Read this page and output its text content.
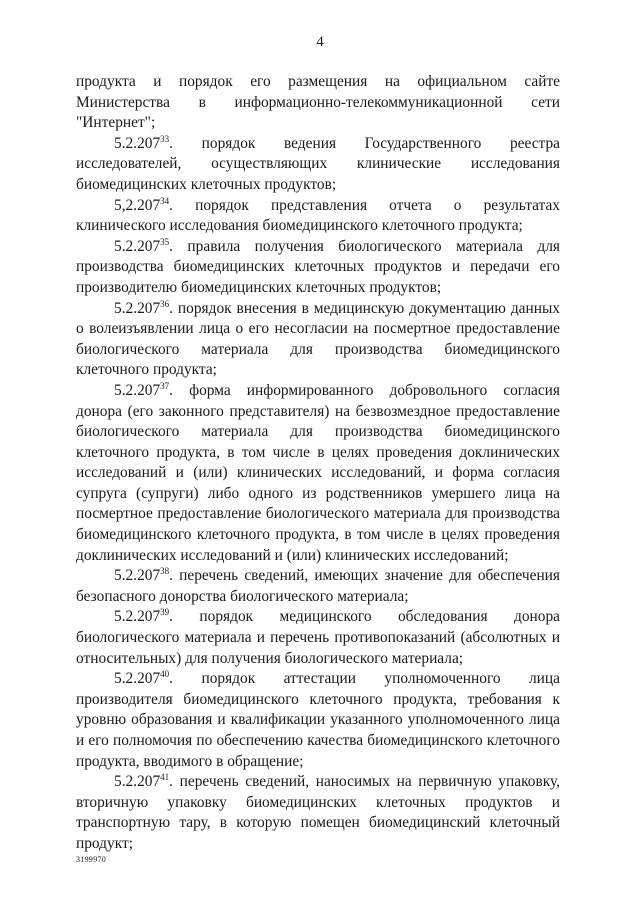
4

продукта и порядок его размещения на официальном сайте Министерства в информационно-телекоммуникационной сети "Интернет";

5.2.207$^{33}$. порядок ведения Государственного реестра исследователей, осуществляющих клинические исследования биомедицинских клеточных продуктов;

5,2.207$^{34}$. порядок представления отчета о результатах клинического исследования биомедицинского клеточного продукта;

5.2.207$^{35}$. правила получения биологического материала для производства биомедицинских клеточных продуктов и передачи его производителю биомедицинских клеточных продуктов;

5.2.207$^{36}$. порядок внесения в медицинскую документацию данных о волеизъявлении лица о его несогласии на посмертное предоставление биологического материала для производства биомедицинского клеточного продукта;

5.2.207$^{37}$. форма информированного добровольного согласия донора (его законного представителя) на безвозмездное предоставление биологического материала для производства биомедицинского клеточного продукта, в том числе в целях проведения доклинических исследований и (или) клинических исследований, и форма согласия супруга (супруги) либо одного из родственников умершего лица на посмертное предоставление биологического материала для производства биомедицинского клеточного продукта, в том числе в целях проведения доклинических исследований и (или) клинических исследований;

5.2.207$^{38}$. перечень сведений, имеющих значение для обеспечения безопасного донорства биологического материала;

5.2.207$^{39}$. порядок медицинского обследования донора биологического материала и перечень противопоказаний (абсолютных и относительных) для получения биологического материала;

5.2.207$^{40}$. порядок аттестации уполномоченного лица производителя биомедицинского клеточного продукта, требования к уровню образования и квалификации указанного уполномоченного лица и его полномочия по обеспечению качества биомедицинского клеточного продукта, вводимого в обращение;

5.2.207$^{41}$. перечень сведений, наносимых на первичную упаковку, вторичную упаковку биомедицинских клеточных продуктов и транспортную тару, в которую помещен биомедицинский клеточный продукт;

3199970
